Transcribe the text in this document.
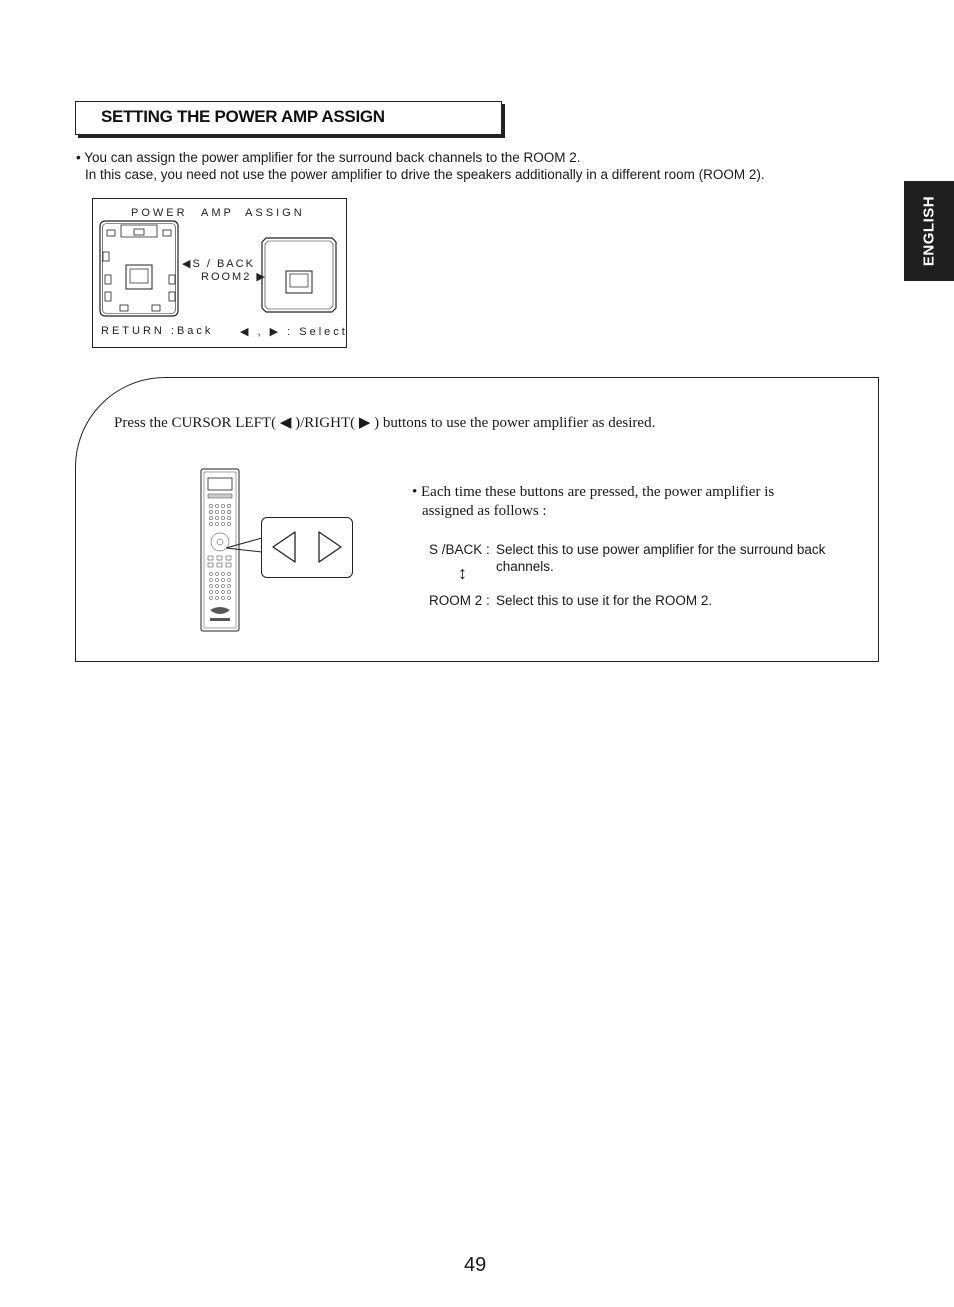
SETTING THE POWER AMP ASSIGN
• You can assign the power amplifier for the surround back channels to the ROOM 2.
In this case, you need not use the power amplifier to drive the speakers additionally in a different room (ROOM 2).
ENGLISH
POWER AMP ASSIGN
◀S / BACK
ROOM2 ▶
RETURN :Back ◀ , ▶ : Select
Press the CURSOR LEFT( ◀ )/RIGHT( ▶ ) buttons to use the power amplifier as desired.
• Each time these buttons are pressed, the power amplifier is
assigned as follows :
S /BACK : Select this to use power amplifier for the surround back
channels.
↕
ROOM 2 : Select this to use it for the ROOM 2.
49
